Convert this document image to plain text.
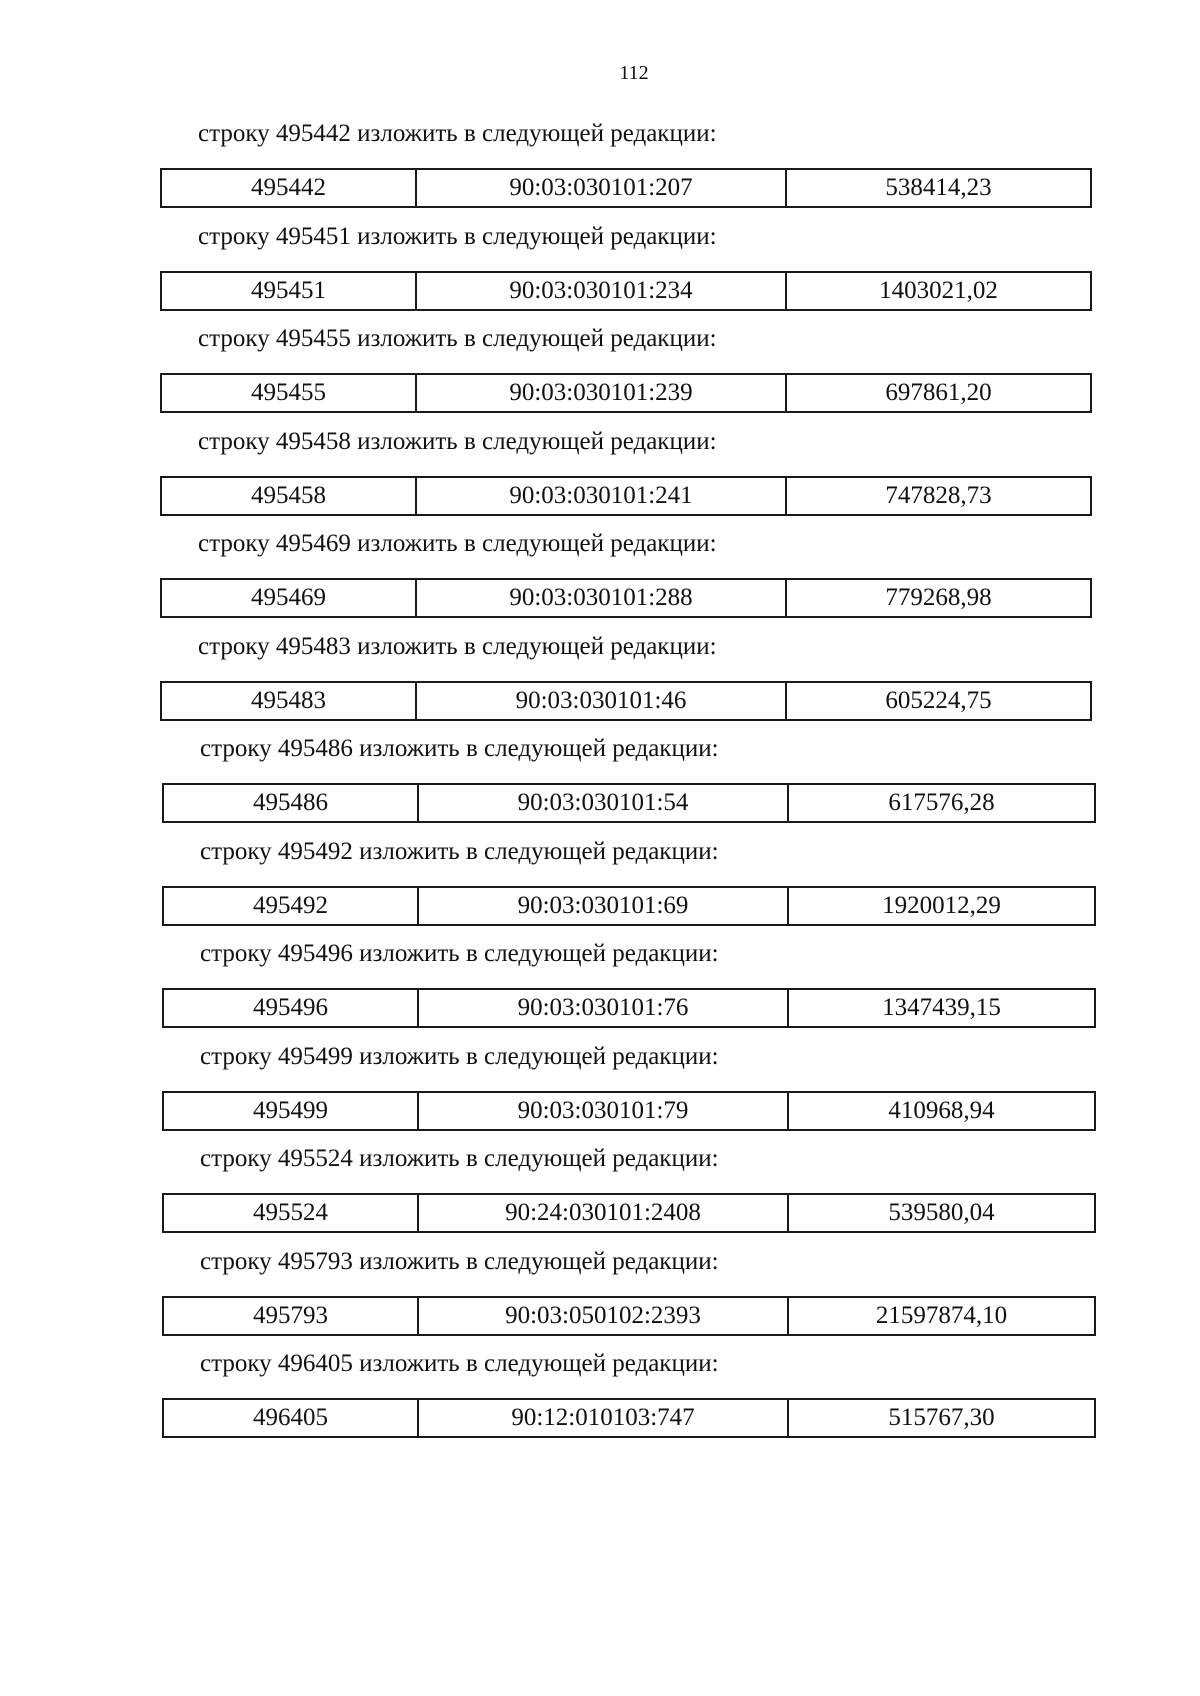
112
строку 495442 изложить в следующей редакции:
495442	90:03:030101:207	538414,23
строку 495451 изложить в следующей редакции:
495451	90:03:030101:234	1403021,02
строку 495455 изложить в следующей редакции:
495455	90:03:030101:239	697861,20
строку 495458 изложить в следующей редакции:
495458	90:03:030101:241	747828,73
строку 495469 изложить в следующей редакции:
495469	90:03:030101:288	779268,98
строку 495483 изложить в следующей редакции:
495483	90:03:030101:46	605224,75
строку 495486 изложить в следующей редакции:
495486	90:03:030101:54	617576,28
строку 495492 изложить в следующей редакции:
495492	90:03:030101:69	1920012,29
строку 495496 изложить в следующей редакции:
495496	90:03:030101:76	1347439,15
строку 495499 изложить в следующей редакции:
495499	90:03:030101:79	410968,94
строку 495524 изложить в следующей редакции:
495524	90:24:030101:2408	539580,04
строку 495793 изложить в следующей редакции:
495793	90:03:050102:2393	21597874,10
строку 496405 изложить в следующей редакции:
496405	90:12:010103:747	515767,30
